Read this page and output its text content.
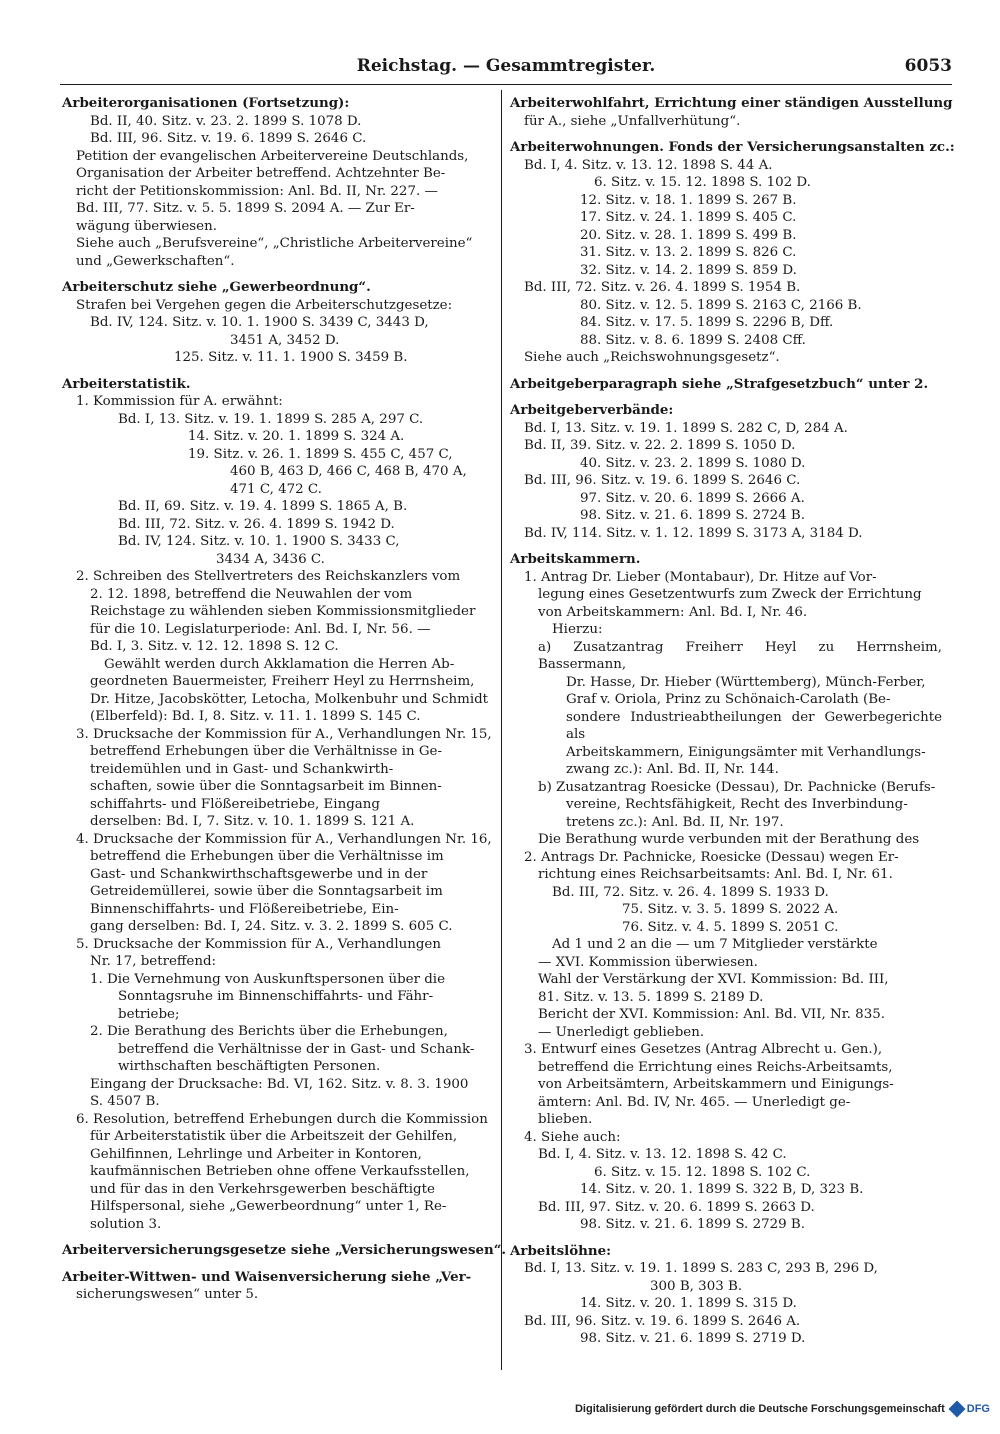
Reichstag. — Gesammtregister.	6053
Arbeiterorganisationen (Fortsetzung):
Bd. II, 40. Sitz. v. 23. 2. 1899 S. 1078 D.
Bd. III, 96. Sitz. v. 19. 6. 1899 S. 2646 C.
Petition der evangelischen Arbeitervereine Deutschlands,
Organisation der Arbeiter betreffend. Achtzehnter Be-
richt der Petitionskommission: Anl. Bd. II, Nr. 227. —
Bd. III, 77. Sitz. v. 5. 5. 1899 S. 2094 A. — Zur Er-
wägung überwiesen.
Siehe auch „Berufsvereine“, „Christliche Arbeitervereine“
und „Gewerkschaften“.
Arbeiterschutz siehe „Gewerbeordnung“.
Strafen bei Vergehen gegen die Arbeiterschutzgesetze:
Bd. IV, 124. Sitz. v. 10. 1. 1900 S. 3439 C, 3443 D,
3451 A, 3452 D.
125. Sitz. v. 11. 1. 1900 S. 3459 B.
Arbeiterstatistik.
1. Kommission für A. erwähnt:
Bd. I, 13. Sitz. v. 19. 1. 1899 S. 285 A, 297 C.
14. Sitz. v. 20. 1. 1899 S. 324 A.
19. Sitz. v. 26. 1. 1899 S. 455 C, 457 C,
460 B, 463 D, 466 C, 468 B, 470 A,
471 C, 472 C.
Bd. II, 69. Sitz. v. 19. 4. 1899 S. 1865 A, B.
Bd. III, 72. Sitz. v. 26. 4. 1899 S. 1942 D.
Bd. IV, 124. Sitz. v. 10. 1. 1900 S. 3433 C,
3434 A, 3436 C.
2. Schreiben des Stellvertreters des Reichskanzlers vom
2. 12. 1898, betreffend die Neuwahlen der vom
Reichstage zu wählenden sieben Kommissionsmitglieder
für die 10. Legislaturperiode: Anl. Bd. I, Nr. 56. —
Bd. I, 3. Sitz. v. 12. 12. 1898 S. 12 C.
Gewählt werden durch Akklamation die Herren Ab-
geordneten Bauermeister, Freiherr Heyl zu Herrnsheim,
Dr. Hitze, Jacobskötter, Letocha, Molkenbuhr und Schmidt
(Elberfeld): Bd. I, 8. Sitz. v. 11. 1. 1899 S. 145 C.
3. Drucksache der Kommission für A., Verhandlungen Nr. 15,
betreffend Erhebungen über die Verhältnisse in Ge-
treidemühlen und in Gast- und Schankwirth-
schaften, sowie über die Sonntagsarbeit im Binnen-
schiffahrts- und Flößereibetriebe, Eingang
derselben: Bd. I, 7. Sitz. v. 10. 1. 1899 S. 121 A.
4. Drucksache der Kommission für A., Verhandlungen Nr. 16,
betreffend die Erhebungen über die Verhältnisse im
Gast- und Schankwirthschaftsgewerbe und in der
Getreidemüllerei, sowie über die Sonntagsarbeit im
Binnenschiffahrts- und Flößereibetriebe, Ein-
gang derselben: Bd. I, 24. Sitz. v. 3. 2. 1899 S. 605 C.
5. Drucksache der Kommission für A., Verhandlungen
Nr. 17, betreffend:
1. Die Vernehmung von Auskunftspersonen über die
Sonntagsruhe im Binnenschiffahrts- und Fähr-
betriebe;
2. Die Berathung des Berichts über die Erhebungen,
betreffend die Verhältnisse der in Gast- und Schank-
wirthschaften beschäftigten Personen.
Eingang der Drucksache: Bd. VI, 162. Sitz. v. 8. 3. 1900
S. 4507 B.
6. Resolution, betreffend Erhebungen durch die Kommission
für Arbeiterstatistik über die Arbeitszeit der Gehilfen,
Gehilfinnen, Lehrlinge und Arbeiter in Kontoren,
kaufmännischen Betrieben ohne offene Verkaufsstellen,
und für das in den Verkehrsgewerben beschäftigte
Hilfspersonal, siehe „Gewerbeordnung“ unter 1, Re-
solution 3.
Arbeiterversicherungsgesetze siehe „Versicherungswesen“.
Arbeiter-Wittwen- und Waisenversicherung siehe „Ver-
sicherungswesen“ unter 5.
Arbeiterwohlfahrt, Errichtung einer ständigen Ausstellung
für A., siehe „Unfallverhütung“.
Arbeiterwohnungen. Fonds der Versicherungsanstalten zc.:
Bd. I, 4. Sitz. v. 13. 12. 1898 S. 44 A.
6. Sitz. v. 15. 12. 1898 S. 102 D.
12. Sitz. v. 18. 1. 1899 S. 267 B.
17. Sitz. v. 24. 1. 1899 S. 405 C.
20. Sitz. v. 28. 1. 1899 S. 499 B.
31. Sitz. v. 13. 2. 1899 S. 826 C.
32. Sitz. v. 14. 2. 1899 S. 859 D.
Bd. III, 72. Sitz. v. 26. 4. 1899 S. 1954 B.
80. Sitz. v. 12. 5. 1899 S. 2163 C, 2166 B.
84. Sitz. v. 17. 5. 1899 S. 2296 B, Dff.
88. Sitz. v. 8. 6. 1899 S. 2408 Cff.
Siehe auch „Reichswohnungsgesetz“.
Arbeitgeberparagraph siehe „Strafgesetzbuch“ unter 2.
Arbeitgeberverbände:
Bd. I, 13. Sitz. v. 19. 1. 1899 S. 282 C, D, 284 A.
Bd. II, 39. Sitz. v. 22. 2. 1899 S. 1050 D.
40. Sitz. v. 23. 2. 1899 S. 1080 D.
Bd. III, 96. Sitz. v. 19. 6. 1899 S. 2646 C.
97. Sitz. v. 20. 6. 1899 S. 2666 A.
98. Sitz. v. 21. 6. 1899 S. 2724 B.
Bd. IV, 114. Sitz. v. 1. 12. 1899 S. 3173 A, 3184 D.
Arbeitskammern.
1. Antrag Dr. Lieber (Montabaur), Dr. Hitze auf Vor-
legung eines Gesetzentwurfs zum Zweck der Errichtung
von Arbeitskammern: Anl. Bd. I, Nr. 46.
Hierzu:
a) Zusatzantrag Freiherr Heyl zu Herrnsheim, Bassermann,
Dr. Hasse, Dr. Hieber (Württemberg), Münch-Ferber,
Graf v. Oriola, Prinz zu Schönaich-Carolath (Be-
sondere Industrieabtheilungen der Gewerbegerichte als
Arbeitskammern, Einigungsämter mit Verhandlungs-
zwang zc.): Anl. Bd. II, Nr. 144.
b) Zusatzantrag Roesicke (Dessau), Dr. Pachnicke (Berufs-
vereine, Rechtsfähigkeit, Recht des Inverbindung-
tretens zc.): Anl. Bd. II, Nr. 197.
Die Berathung wurde verbunden mit der Berathung des
2. Antrags Dr. Pachnicke, Roesicke (Dessau) wegen Er-
richtung eines Reichsarbeitsamts: Anl. Bd. I, Nr. 61.
Bd. III, 72. Sitz. v. 26. 4. 1899 S. 1933 D.
75. Sitz. v. 3. 5. 1899 S. 2022 A.
76. Sitz. v. 4. 5. 1899 S. 2051 C.
Ad 1 und 2 an die — um 7 Mitglieder verstärkte
— XVI. Kommission überwiesen.
Wahl der Verstärkung der XVI. Kommission: Bd. III,
81. Sitz. v. 13. 5. 1899 S. 2189 D.
Bericht der XVI. Kommission: Anl. Bd. VII, Nr. 835.
— Unerledigt geblieben.
3. Entwurf eines Gesetzes (Antrag Albrecht u. Gen.),
betreffend die Errichtung eines Reichs-Arbeitsamts,
von Arbeitsämtern, Arbeitskammern und Einigungs-
ämtern: Anl. Bd. IV, Nr. 465. — Unerledigt ge-
blieben.
4. Siehe auch:
Bd. I, 4. Sitz. v. 13. 12. 1898 S. 42 C.
6. Sitz. v. 15. 12. 1898 S. 102 C.
14. Sitz. v. 20. 1. 1899 S. 322 B, D, 323 B.
Bd. III, 97. Sitz. v. 20. 6. 1899 S. 2663 D.
98. Sitz. v. 21. 6. 1899 S. 2729 B.
Arbeitslöhne:
Bd. I, 13. Sitz. v. 19. 1. 1899 S. 283 C, 293 B, 296 D,
300 B, 303 B.
14. Sitz. v. 20. 1. 1899 S. 315 D.
Bd. III, 96. Sitz. v. 19. 6. 1899 S. 2646 A.
98. Sitz. v. 21. 6. 1899 S. 2719 D.
Digitalisierung gefördert durch die Deutsche Forschungsgemeinschaft DFG
